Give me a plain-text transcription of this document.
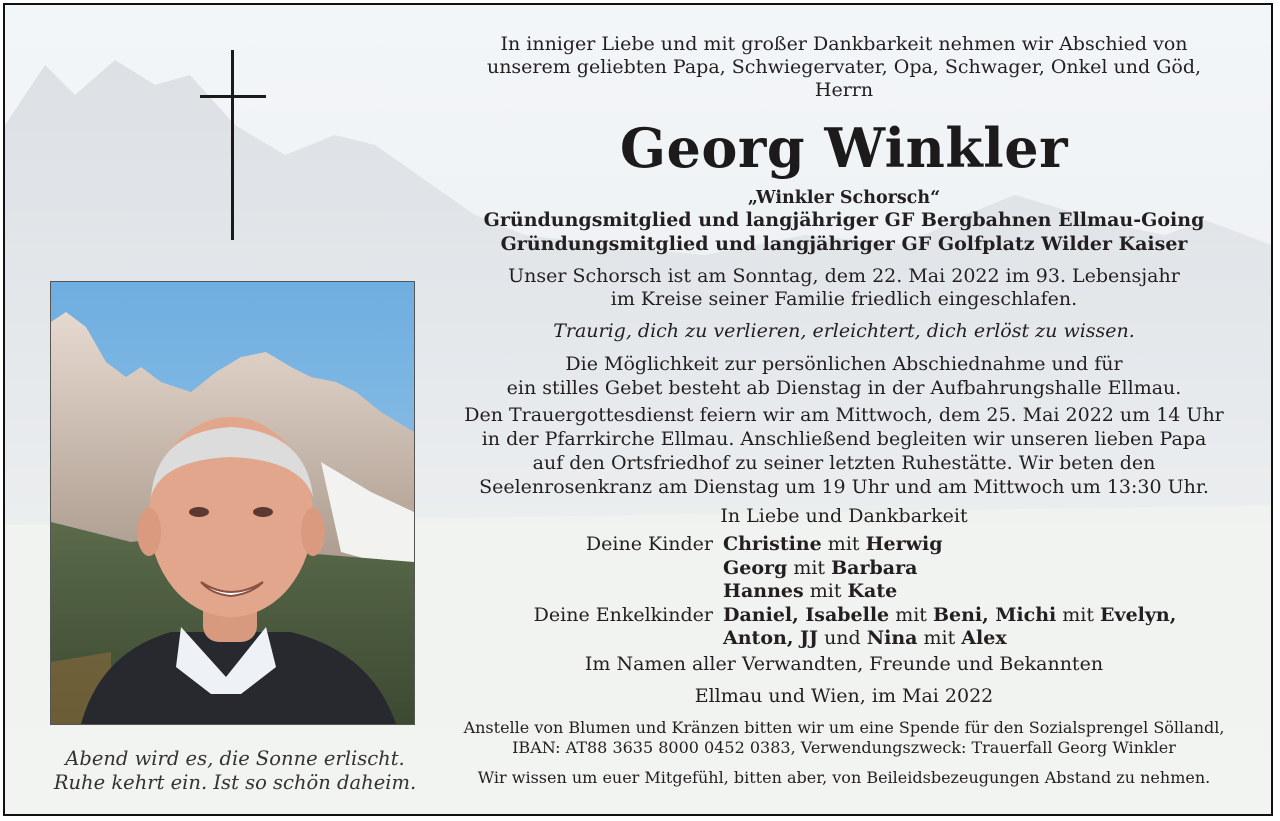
Abend wird es, die Sonne erlischt.
Ruhe kehrt ein. Ist so schön daheim.
In inniger Liebe und mit großer Dankbarkeit nehmen wir Abschied von
unserem geliebten Papa, Schwiegervater, Opa, Schwager, Onkel und Göd,
Herrn
Georg Winkler
„Winkler Schorsch“
Gründungsmitglied und langjähriger GF Bergbahnen Ellmau-Going
Gründungsmitglied und langjähriger GF Golfplatz Wilder Kaiser
Unser Schorsch ist am Sonntag, dem 22. Mai 2022 im 93. Lebensjahr
im Kreise seiner Familie friedlich eingeschlafen.
Traurig, dich zu verlieren, erleichtert, dich erlöst zu wissen.
Die Möglichkeit zur persönlichen Abschiednahme und für
ein stilles Gebet besteht ab Dienstag in der Aufbahrungshalle Ellmau.
Den Trauergottesdienst feiern wir am Mittwoch, dem 25. Mai 2022 um 14 Uhr
in der Pfarrkirche Ellmau. Anschließend begleiten wir unseren lieben Papa
auf den Ortsfriedhof zu seiner letzten Ruhestätte. Wir beten den
Seelenrosenkranz am Dienstag um 19 Uhr und am Mittwoch um 13:30 Uhr.
In Liebe und Dankbarkeit
Deine Kinder Christine mit Herwig
Georg mit Barbara
Hannes mit Kate
Deine Enkelkinder Daniel, Isabelle mit Beni, Michi mit Evelyn,
Anton, JJ und Nina mit Alex
Im Namen aller Verwandten, Freunde und Bekannten
Ellmau und Wien, im Mai 2022
Anstelle von Blumen und Kränzen bitten wir um eine Spende für den Sozialsprengel Söllandl,
IBAN: AT88 3635 8000 0452 0383, Verwendungszweck: Trauerfall Georg Winkler
Wir wissen um euer Mitgefühl, bitten aber, von Beileidsbezeugungen Abstand zu nehmen.
